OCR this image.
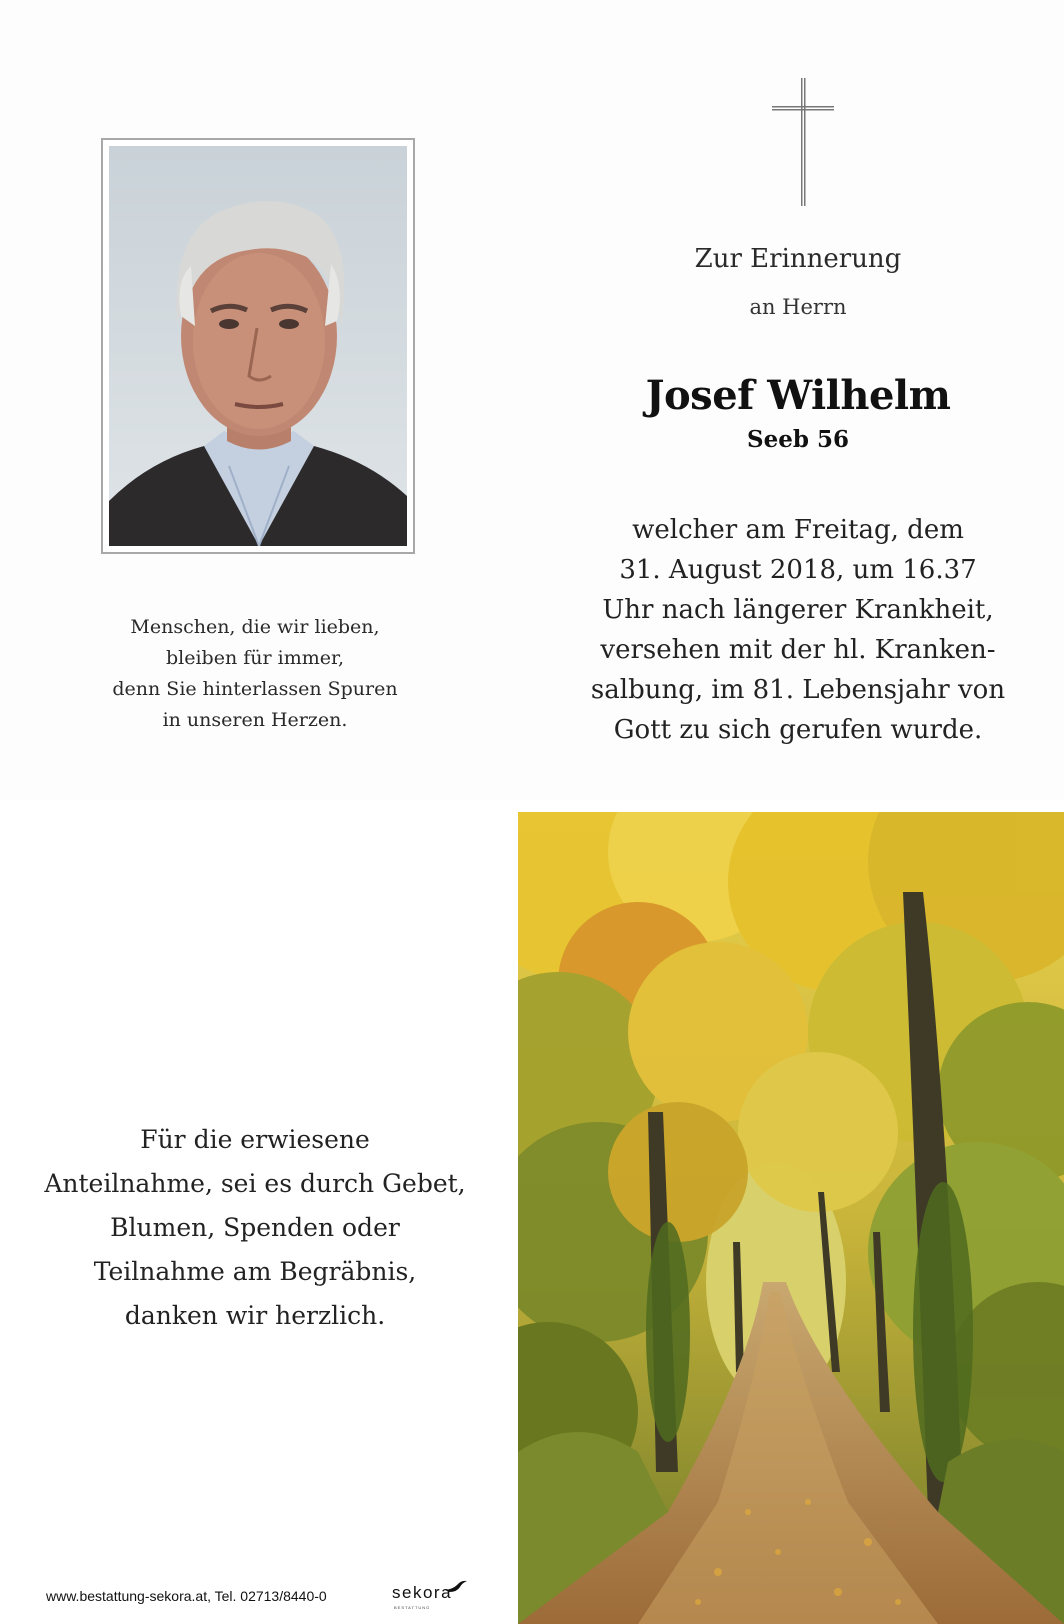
Menschen, die wir lieben,
bleiben für immer,
denn Sie hinterlassen Spuren
in unseren Herzen.
Zur Erinnerung
an Herrn
Josef Wilhelm
Seeb 56
welcher am Freitag, dem
31. August 2018, um 16.37
Uhr nach längerer Krankheit,
versehen mit der hl. Kranken-
salbung, im 81. Lebensjahr von
Gott zu sich gerufen wurde.
Für die erwiesene
Anteilnahme, sei es durch Gebet,
Blumen, Spenden oder
Teilnahme am Begräbnis,
danken wir herzlich.
www.bestattung-sekora.at, Tel. 02713/8440-0	sekora
BESTATTUNG
